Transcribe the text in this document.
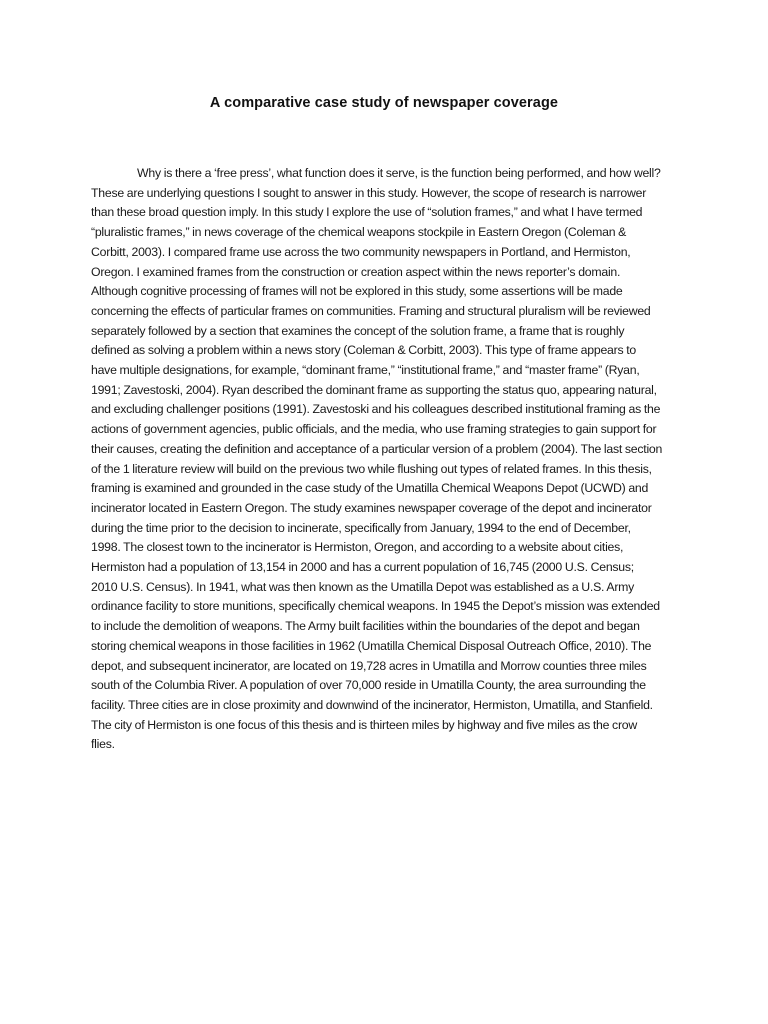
A comparative case study of newspaper coverage

Why is there a ‘free press’, what function does it serve, is the function being performed, and how well? These are underlying questions I sought to answer in this study. However, the scope of research is narrower than these broad question imply. In this study I explore the use of “solution frames,” and what I have termed “pluralistic frames,” in news coverage of the chemical weapons stockpile in Eastern Oregon (Coleman & Corbitt, 2003). I compared frame use across the two community newspapers in Portland, and Hermiston, Oregon. I examined frames from the construction or creation aspect within the news reporter’s domain. Although cognitive processing of frames will not be explored in this study, some assertions will be made concerning the effects of particular frames on communities. Framing and structural pluralism will be reviewed separately followed by a section that examines the concept of the solution frame, a frame that is roughly defined as solving a problem within a news story (Coleman & Corbitt, 2003). This type of frame appears to have multiple designations, for example, “dominant frame,” “institutional frame,” and “master frame” (Ryan, 1991; Zavestoski, 2004). Ryan described the dominant frame as supporting the status quo, appearing natural, and excluding challenger positions (1991). Zavestoski and his colleagues described institutional framing as the actions of government agencies, public officials, and the media, who use framing strategies to gain support for their causes, creating the definition and acceptance of a particular version of a problem (2004). The last section of the 1 literature review will build on the previous two while flushing out types of related frames. In this thesis, framing is examined and grounded in the case study of the Umatilla Chemical Weapons Depot (UCWD) and incinerator located in Eastern Oregon. The study examines newspaper coverage of the depot and incinerator during the time prior to the decision to incinerate, specifically from January, 1994 to the end of December, 1998. The closest town to the incinerator is Hermiston, Oregon, and according to a website about cities, Hermiston had a population of 13,154 in 2000 and has a current population of 16,745 (2000 U.S. Census; 2010 U.S. Census). In 1941, what was then known as the Umatilla Depot was established as a U.S. Army ordinance facility to store munitions, specifically chemical weapons. In 1945 the Depot’s mission was extended to include the demolition of weapons. The Army built facilities within the boundaries of the depot and began storing chemical weapons in those facilities in 1962 (Umatilla Chemical Disposal Outreach Office, 2010). The depot, and subsequent incinerator, are located on 19,728 acres in Umatilla and Morrow counties three miles south of the Columbia River. A population of over 70,000 reside in Umatilla County, the area surrounding the facility. Three cities are in close proximity and downwind of the incinerator, Hermiston, Umatilla, and Stanfield. The city of Hermiston is one focus of this thesis and is thirteen miles by highway and five miles as the crow flies.
